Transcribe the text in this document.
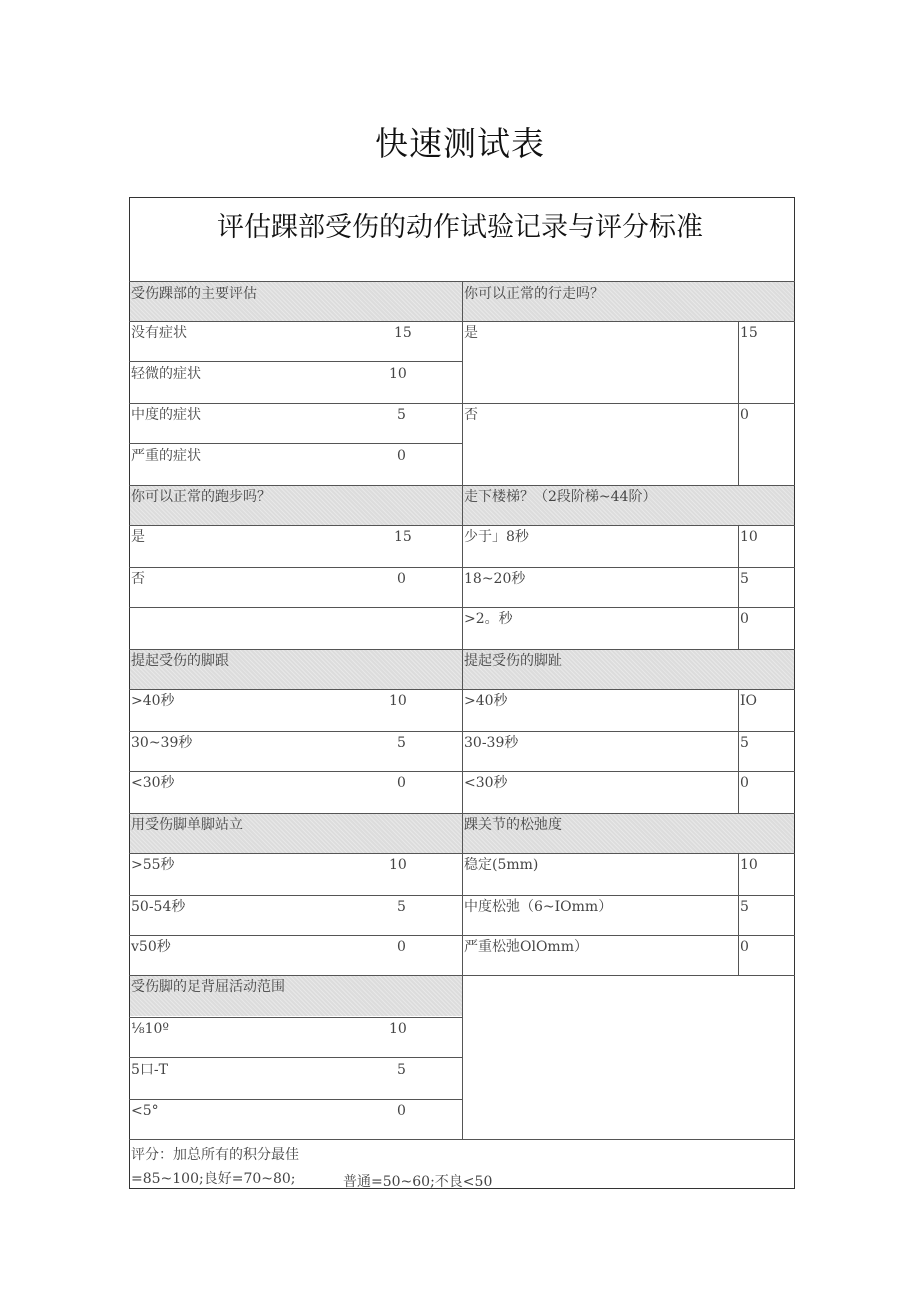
快速测试表
评估踝部受伤的动作试验记录与评分标准
受伤踝部的主要评估
没有症状	15
轻微的症状	10
中度的症状	5
严重的症状	0
你可以正常的行走吗？
是	15
否	0
你可以正常的跑步吗？
是	15
否	0
走下楼梯？（2段阶梯~44阶）
少于」8秒	10
18~20秒	5
>2。秒	0
提起受伤的脚跟
>40秒	10
30~39秒	5
<30秒	0
提起受伤的脚趾
>40秒	IO
30-39秒	5
<30秒	0
用受伤脚单脚站立
>55秒	10
50-54秒	5
v50秒	0
踝关节的松弛度
稳定(5mm)	10
中度松弛（6~IOmm）	5
严重松弛OlOmm）	0
受伤脚的足背屈活动范围
⅛10º	10
5口-T	5
<5°	0
评分：加总所有的积分最佳
=85~100;良好=70~80;	普通=50~60;不良<50
